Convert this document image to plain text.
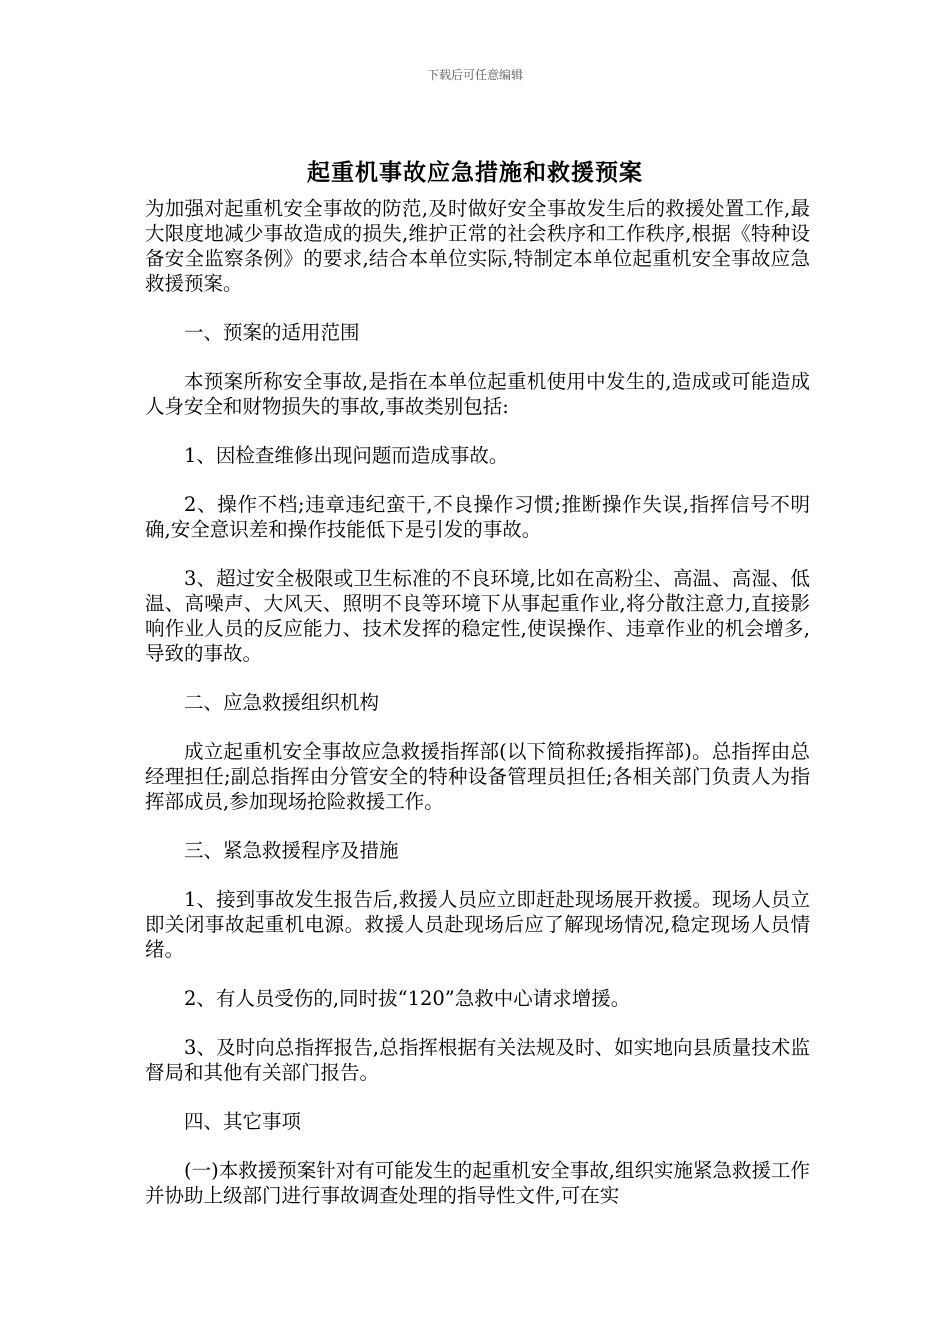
下载后可任意编辑
起重机事故应急措施和救援预案

为加强对起重机安全事故的防范,及时做好安全事故发生后的救援处置工作,最大限度地减少事故造成的损失,维护正常的社会秩序和工作秩序,根据《特种设备安全监察条例》的要求,结合本单位实际,特制定本单位起重机安全事故应急救援预案。

一、预案的适用范围

本预案所称安全事故,是指在本单位起重机使用中发生的,造成或可能造成人身安全和财物损失的事故,事故类别包括:

1、因检查维修出现问题而造成事故。

2、操作不档;违章违纪蛮干,不良操作习惯;推断操作失误,指挥信号不明确,安全意识差和操作技能低下是引发的事故。

3、超过安全极限或卫生标准的不良环境,比如在高粉尘、高温、高湿、低温、高噪声、大风天、照明不良等环境下从事起重作业,将分散注意力,直接影响作业人员的反应能力、技术发挥的稳定性,使误操作、违章作业的机会增多,导致的事故。

二、应急救援组织机构

成立起重机安全事故应急救援指挥部(以下简称救援指挥部)。总指挥由总经理担任;副总指挥由分管安全的特种设备管理员担任;各相关部门负责人为指挥部成员,参加现场抢险救援工作。

三、紧急救援程序及措施

1、接到事故发生报告后,救援人员应立即赶赴现场展开救援。现场人员立即关闭事故起重机电源。救援人员赴现场后应了解现场情况,稳定现场人员情绪。

2、有人员受伤的,同时拔“120”急救中心请求增援。

3、及时向总指挥报告,总指挥根据有关法规及时、如实地向县质量技术监督局和其他有关部门报告。

四、其它事项

(一)本救援预案针对有可能发生的起重机安全事故,组织实施紧急救援工作并协助上级部门进行事故调查处理的指导性文件,可在实
